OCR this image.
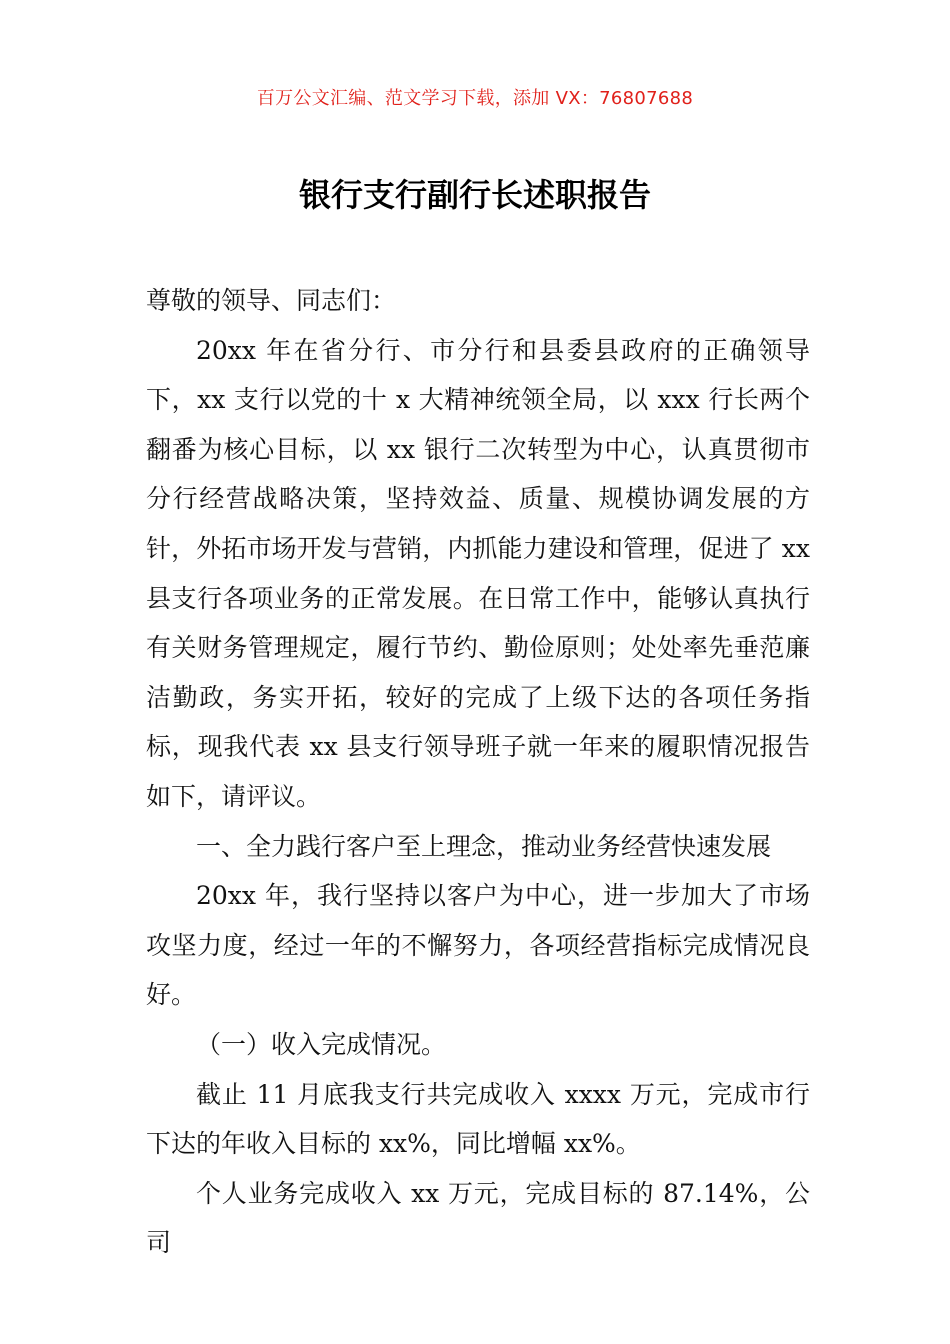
百万公文汇编、范文学习下载，添加 VX：76807688
银行支行副行长述职报告

尊敬的领导、同志们：

20xx 年在省分行、市分行和县委县政府的正确领导下，xx 支行以党的十 x 大精神统领全局，以 xxx 行长两个翻番为核心目标，以 xx 银行二次转型为中心，认真贯彻市分行经营战略决策，坚持效益、质量、规模协调发展的方针，外拓市场开发与营销，内抓能力建设和管理，促进了 xx 县支行各项业务的正常发展。在日常工作中，能够认真执行有关财务管理规定，履行节约、勤俭原则；处处率先垂范廉洁勤政，务实开拓，较好的完成了上级下达的各项任务指标，现我代表 xx 县支行领导班子就一年来的履职情况报告如下，请评议。

一、全力践行客户至上理念，推动业务经营快速发展

20xx 年，我行坚持以客户为中心，进一步加大了市场攻坚力度，经过一年的不懈努力，各项经营指标完成情况良好。

（一）收入完成情况。

截止 11 月底我支行共完成收入 xxxx 万元，完成市行下达的年收入目标的 xx%，同比增幅 xx%。

个人业务完成收入 xx 万元，完成目标的 87.14%，公司
